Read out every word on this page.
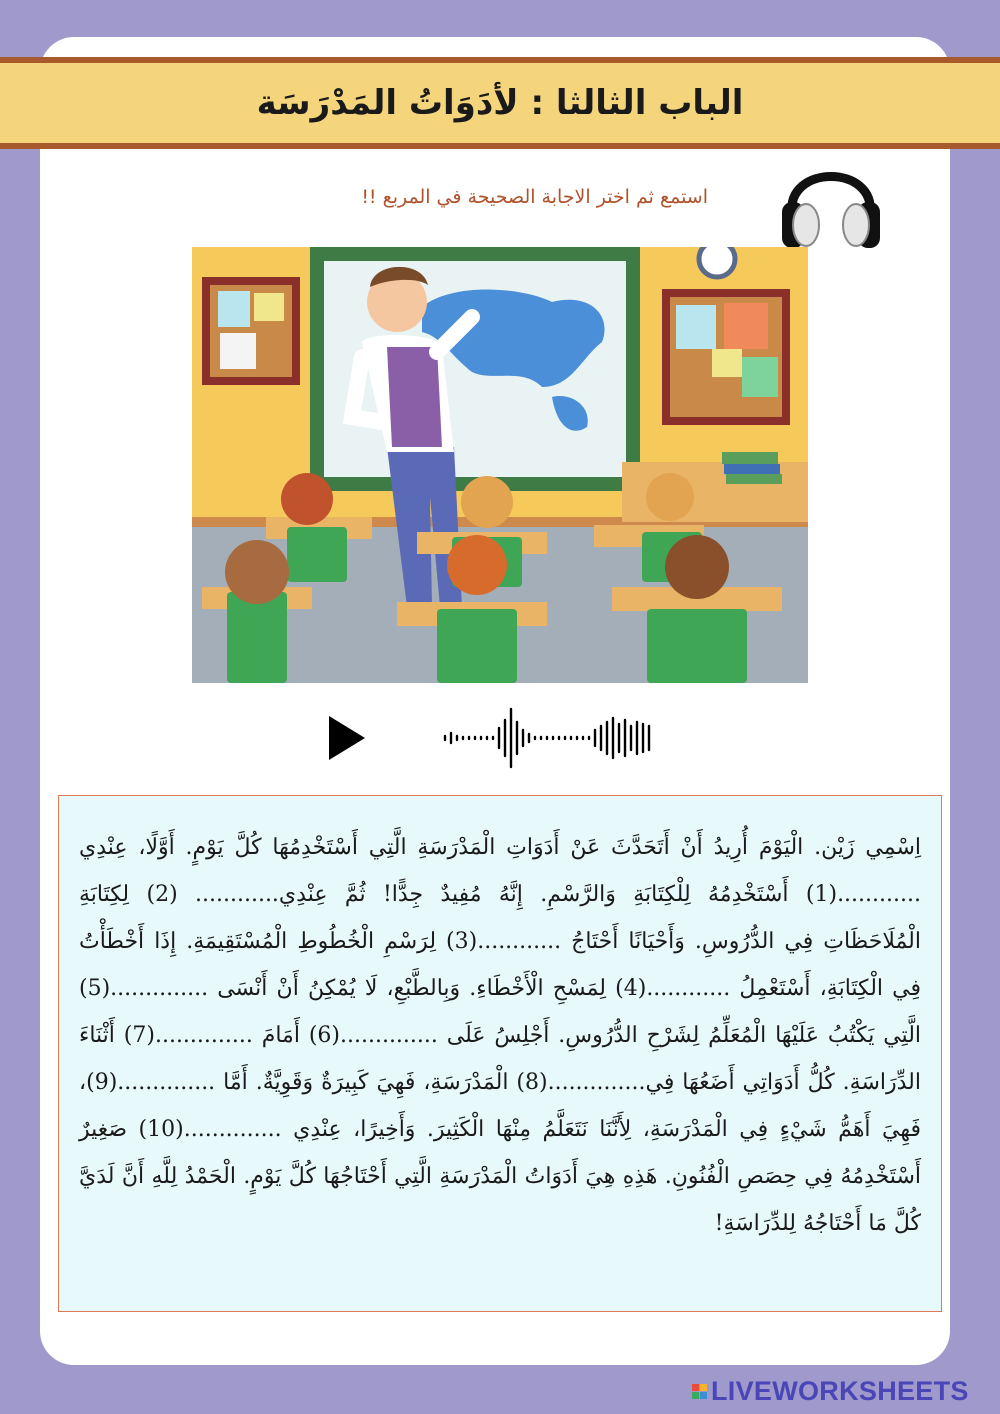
الباب الثالثا : لأدَوَاتُ المَدْرَسَة
استمع ثم اختر الاجابة الصحيحة في المربع !!

اِسْمِي زَيْن. الْيَوْمَ أُرِيدُ أَنْ أَتَحَدَّثَ عَنْ أَدَوَاتِ الْمَدْرَسَةِ الَّتِي أَسْتَخْدِمُهَا كُلَّ يَوْمٍ. أَوَّلًا، عِنْدِي ............(1) أَسْتَخْدِمُهُ لِلْكِتَابَةِ وَالرَّسْمِ. إِنَّهُ مُفِيدٌ جِدًّا! ثُمَّ عِنْدِي............ (2) لِكِتَابَةِ الْمُلَاحَظَاتِ فِي الدُّرُوسِ. وَأَحْيَانًا أَحْتَاجُ ............(3) لِرَسْمِ الْخُطُوطِ الْمُسْتَقِيمَةِ. إِذَا أَخْطَأْتُ فِي الْكِتَابَةِ، أَسْتَعْمِلُ ............(4) لِمَسْحِ الْأَخْطَاءِ. وَبِالطَّبْعِ، لَا يُمْكِنُ أَنْ أَنْسَى ..............(5) الَّتِي يَكْتُبُ عَلَيْهَا الْمُعَلِّمُ لِشَرْحِ الدُّرُوسِ. أَجْلِسُ عَلَى ..............(6) أَمَامَ ..............(7) أَثْنَاءَ الدِّرَاسَةِ. كُلُّ أَدَوَاتِي أَضَعُهَا فِي..............(8) الْمَدْرَسَةِ، فَهِيَ كَبِيرَةٌ وَقَوِيَّةٌ. أَمَّا ..............(9)، فَهِيَ أَهَمُّ شَيْءٍ فِي الْمَدْرَسَةِ، لِأَنَّنَا نَتَعَلَّمُ مِنْهَا الْكَثِيرَ. وَأَخِيرًا، عِنْدِي ..............(10) صَغِيرٌ أَسْتَخْدِمُهُ فِي حِصَصِ الْفُنُونِ. هَذِهِ هِيَ أَدَوَاتُ الْمَدْرَسَةِ الَّتِي أَحْتَاجُهَا كُلَّ يَوْمٍ. الْحَمْدُ لِلَّهِ أَنَّ لَدَيَّ كُلَّ مَا أَحْتَاجُهُ لِلدِّرَاسَةِ!

LIVEWORKSHEETS
